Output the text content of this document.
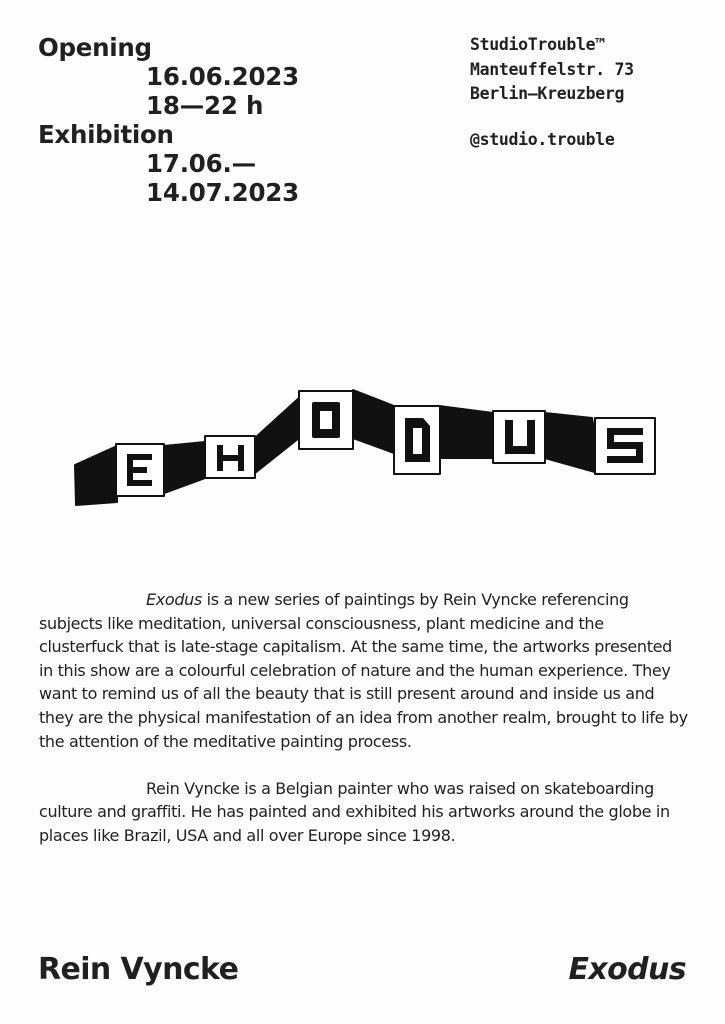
Opening
16.06.2023
18—22 h
Exhibition
17.06.—
14.07.2023
StudioTrouble™
Manteuffelstr. 73
Berlin–Kreuzberg
@studio.trouble

Exodus is a new series of paintings by Rein Vyncke referencing subjects like meditation, universal consciousness, plant medicine and the clusterfuck that is late-stage capitalism. At the same time, the artworks presented in this show are a colourful celebration of nature and the human experience. They want to remind us of all the beauty that is still present around and inside us and they are the physical manifestation of an idea from another realm, brought to life by the attention of the meditative painting process.

Rein Vyncke is a Belgian painter who was raised on skateboarding culture and graffiti. He has painted and exhibited his artworks around the globe in places like Brazil, USA and all over Europe since 1998.

Rein Vyncke	Exodus
